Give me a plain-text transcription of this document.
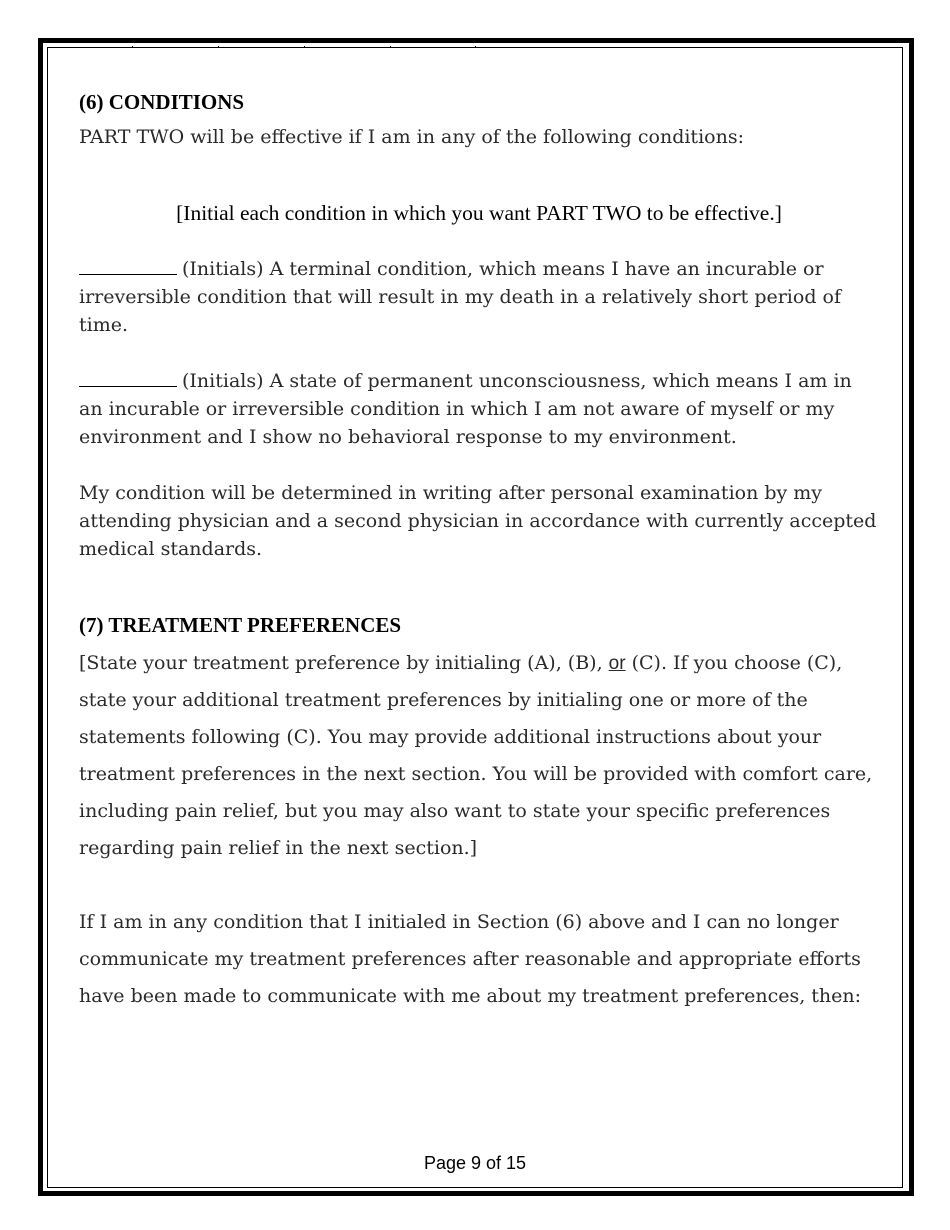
(6) CONDITIONS

PART TWO will be effective if I am in any of the following conditions:

[Initial each condition in which you want PART TWO to be effective.]

(Initials) A terminal condition, which means I have an incurable or irreversible condition that will result in my death in a relatively short period of time.

(Initials) A state of permanent unconsciousness, which means I am in an incurable or irreversible condition in which I am not aware of myself or my environment and I show no behavioral response to my environment.

My condition will be determined in writing after personal examination by my attending physician and a second physician in accordance with currently accepted medical standards.

(7) TREATMENT PREFERENCES

[State your treatment preference by initialing (A), (B), or (C). If you choose (C), state your additional treatment preferences by initialing one or more of the statements following (C). You may provide additional instructions about your treatment preferences in the next section. You will be provided with comfort care, including pain relief, but you may also want to state your specific preferences regarding pain relief in the next section.]

If I am in any condition that I initialed in Section (6) above and I can no longer communicate my treatment preferences after reasonable and appropriate efforts have been made to communicate with me about my treatment preferences, then:

Page 9 of 15
